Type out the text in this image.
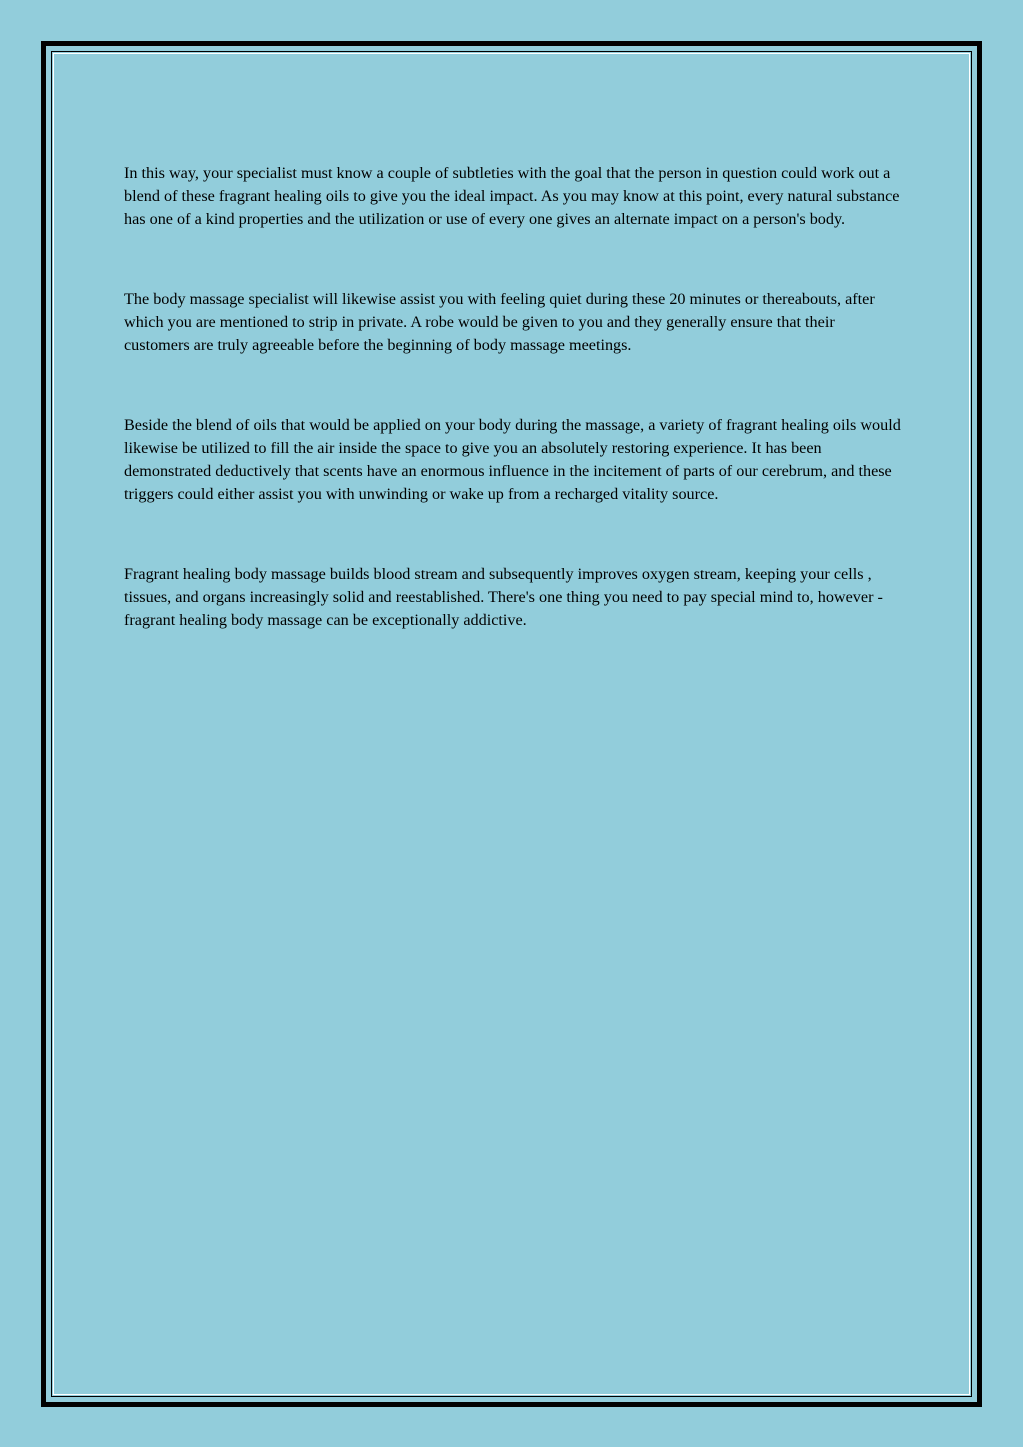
In this way, your specialist must know a couple of subtleties with the goal that the person in question could work out a blend of these fragrant healing oils to give you the ideal impact. As you may know at this point, every natural substance has one of a kind properties and the utilization or use of every one gives an alternate impact on a person's body.

The body massage specialist will likewise assist you with feeling quiet during these 20 minutes or thereabouts, after which you are mentioned to strip in private. A robe would be given to you and they generally ensure that their customers are truly agreeable before the beginning of body massage meetings.

Beside the blend of oils that would be applied on your body during the massage, a variety of fragrant healing oils would likewise be utilized to fill the air inside the space to give you an absolutely restoring experience. It has been demonstrated deductively that scents have an enormous influence in the incitement of parts of our cerebrum, and these triggers could either assist you with unwinding or wake up from a recharged vitality source.

Fragrant healing body massage builds blood stream and subsequently improves oxygen stream, keeping your cells , tissues, and organs increasingly solid and reestablished. There's one thing you need to pay special mind to, however - fragrant healing body massage can be exceptionally addictive.
